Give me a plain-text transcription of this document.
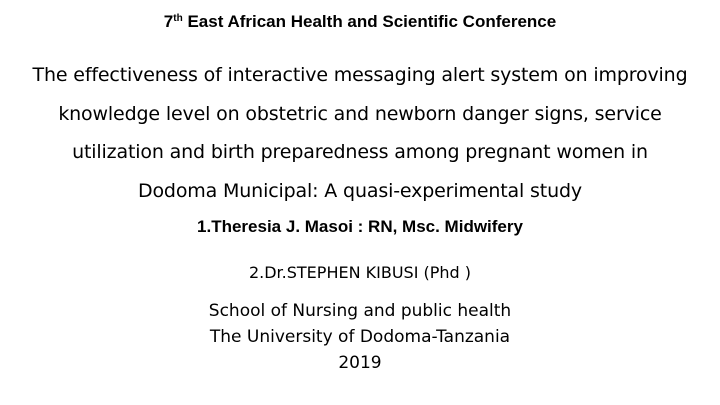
7th East African Health and Scientific Conference
The effectiveness of interactive messaging alert system on improving
knowledge level on obstetric and newborn danger signs, service
utilization and birth preparedness among pregnant women in
Dodoma Municipal: A quasi-experimental study
1.Theresia J. Masoi : RN, Msc. Midwifery
2.Dr.STEPHEN KIBUSI (Phd )
School of Nursing and public health
The University of Dodoma-Tanzania
2019
